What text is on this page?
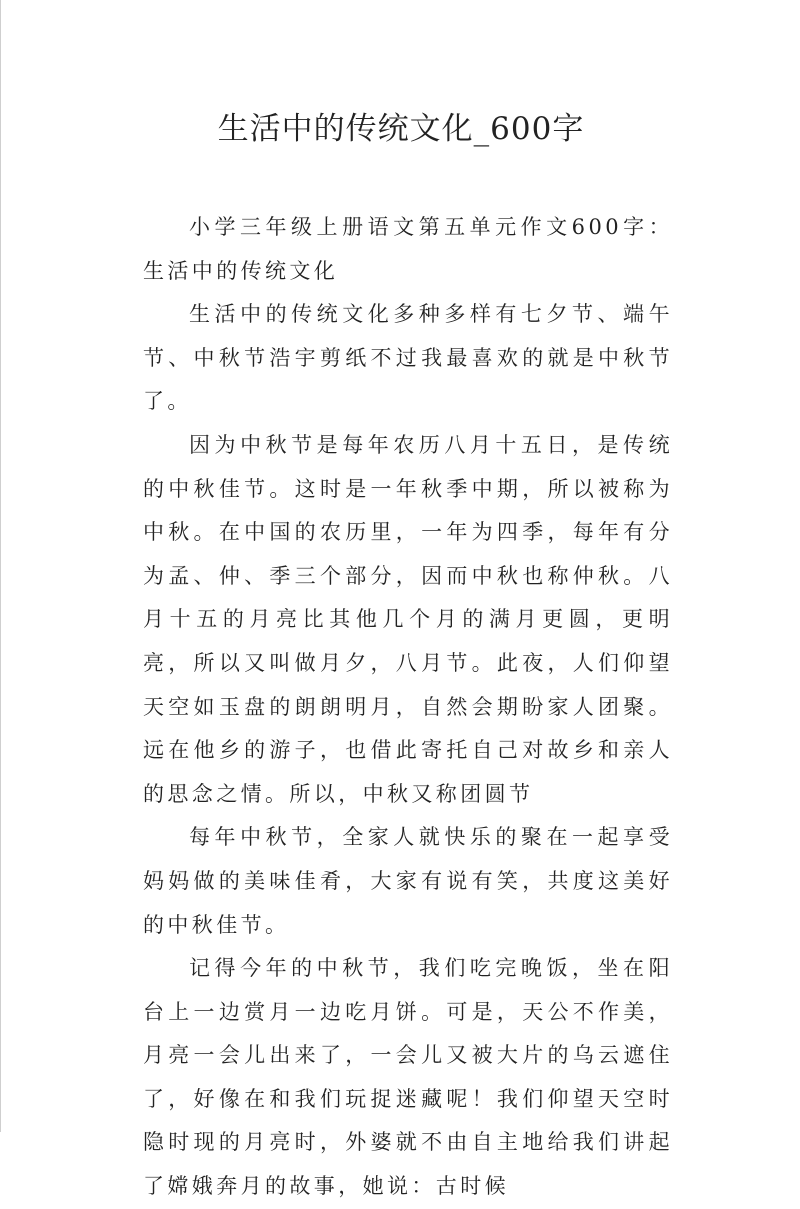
生活中的传统文化_600字

小学三年级上册语文第五单元作文600字：生活中的传统文化

生活中的传统文化多种多样有七夕节、端午节、中秋节浩宇剪纸不过我最喜欢的就是中秋节了。

因为中秋节是每年农历八月十五日，是传统的中秋佳节。这时是一年秋季中期，所以被称为中秋。在中国的农历里，一年为四季，每年有分为孟、仲、季三个部分，因而中秋也称仲秋。八月十五的月亮比其他几个月的满月更圆，更明亮，所以又叫做月夕，八月节。此夜，人们仰望天空如玉盘的朗朗明月，自然会期盼家人团聚。远在他乡的游子，也借此寄托自己对故乡和亲人的思念之情。所以，中秋又称团圆节

每年中秋节，全家人就快乐的聚在一起享受妈妈做的美味佳肴，大家有说有笑，共度这美好的中秋佳节。

记得今年的中秋节，我们吃完晚饭，坐在阳台上一边赏月一边吃月饼。可是，天公不作美，月亮一会儿出来了，一会儿又被大片的乌云遮住了，好像在和我们玩捉迷藏呢！我们仰望天空时隐时现的月亮时，外婆就不由自主地给我们讲起了嫦娥奔月的故事，她说：古时候
